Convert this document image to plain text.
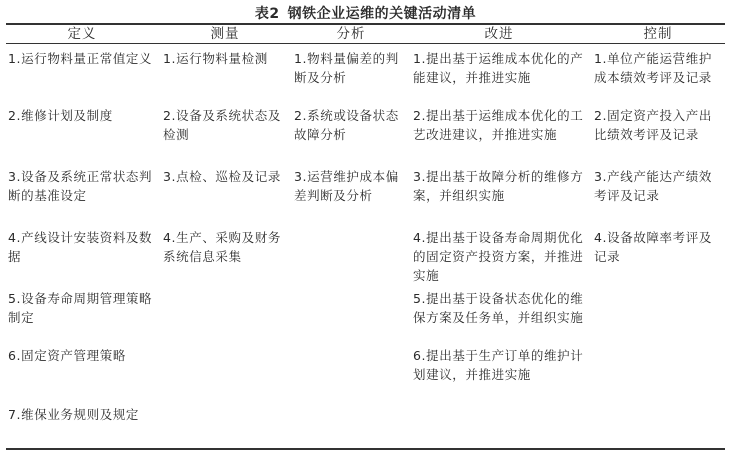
表2 钢铁企业运维的关键活动清单
定义
1.运行物料量正常值定义
2.维修计划及制度
3.设备及系统正常状态判断的基准设定
4.产线设计安装资料及数据
5.设备寿命周期管理策略制定
6.固定资产管理策略
7.维保业务规则及规定
测量
1.运行物料量检测
2.设备及系统状态及检测
3.点检、巡检及记录
4.生产、采购及财务系统信息采集
分析
1.物料量偏差的判断及分析
2.系统或设备状态故障分析
3.运营维护成本偏差判断及分析
改进
1.提出基于运维成本优化的产能建议，并推进实施
2.提出基于运维成本优化的工艺改进建议，并推进实施
3.提出基于故障分析的维修方案，并组织实施
4.提出基于设备寿命周期优化的固定资产投资方案，并推进实施
5.提出基于设备状态优化的维保方案及任务单，并组织实施
6.提出基于生产订单的维护计划建议，并推进实施
控制
1.单位产能运营维护成本绩效考评及记录
2.固定资产投入产出比绩效考评及记录
3.产线产能达产绩效考评及记录
4.设备故障率考评及记录
